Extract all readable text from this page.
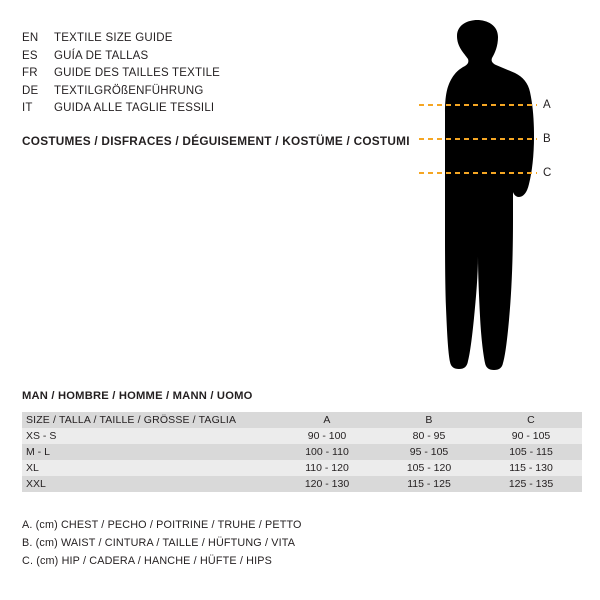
EN	TEXTILE SIZE GUIDE
ES	GUÍA DE TALLAS
FR	GUIDE DES TAILLES TEXTILE
DE	TEXTILGRÖßENFÜHRUNG
IT	GUIDA ALLE TAGLIE TESSILI
COSTUMES / DISFRACES / DÉGUISEMENT / KOSTÜME / COSTUMI
A
B
C
MAN / HOMBRE / HOMME / MANN / UOMO
SIZE / TALLA / TAILLE / GRÖSSE / TAGLIA	A	B	C
XS - S	90 - 100	80 - 95	90 - 105
M - L	100 - 110	95 - 105	105 - 115
XL	110 - 120	105 - 120	115 - 130
XXL	120 - 130	115 - 125	125 - 135
A. (cm) CHEST / PECHO / POITRINE / TRUHE / PETTO
B. (cm) WAIST / CINTURA / TAILLE / HÜFTUNG / VITA
C. (cm) HIP / CADERA / HANCHE / HÜFTE / HIPS
